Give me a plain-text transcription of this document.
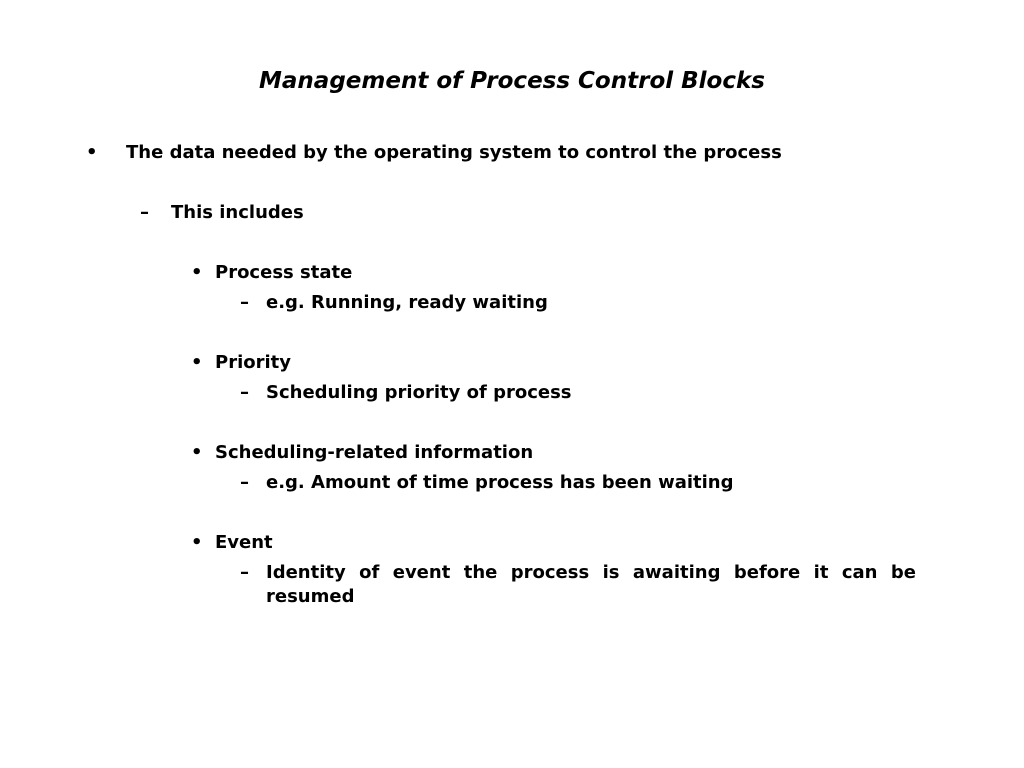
Management of Process Control Blocks
• The data needed by the operating system to control the process
– This includes
• Process state
– e.g. Running, ready waiting
• Priority
– Scheduling priority of process
• Scheduling-related information
– e.g. Amount of time process has been waiting
• Event
– Identity of event the process is awaiting before it can be resumed
